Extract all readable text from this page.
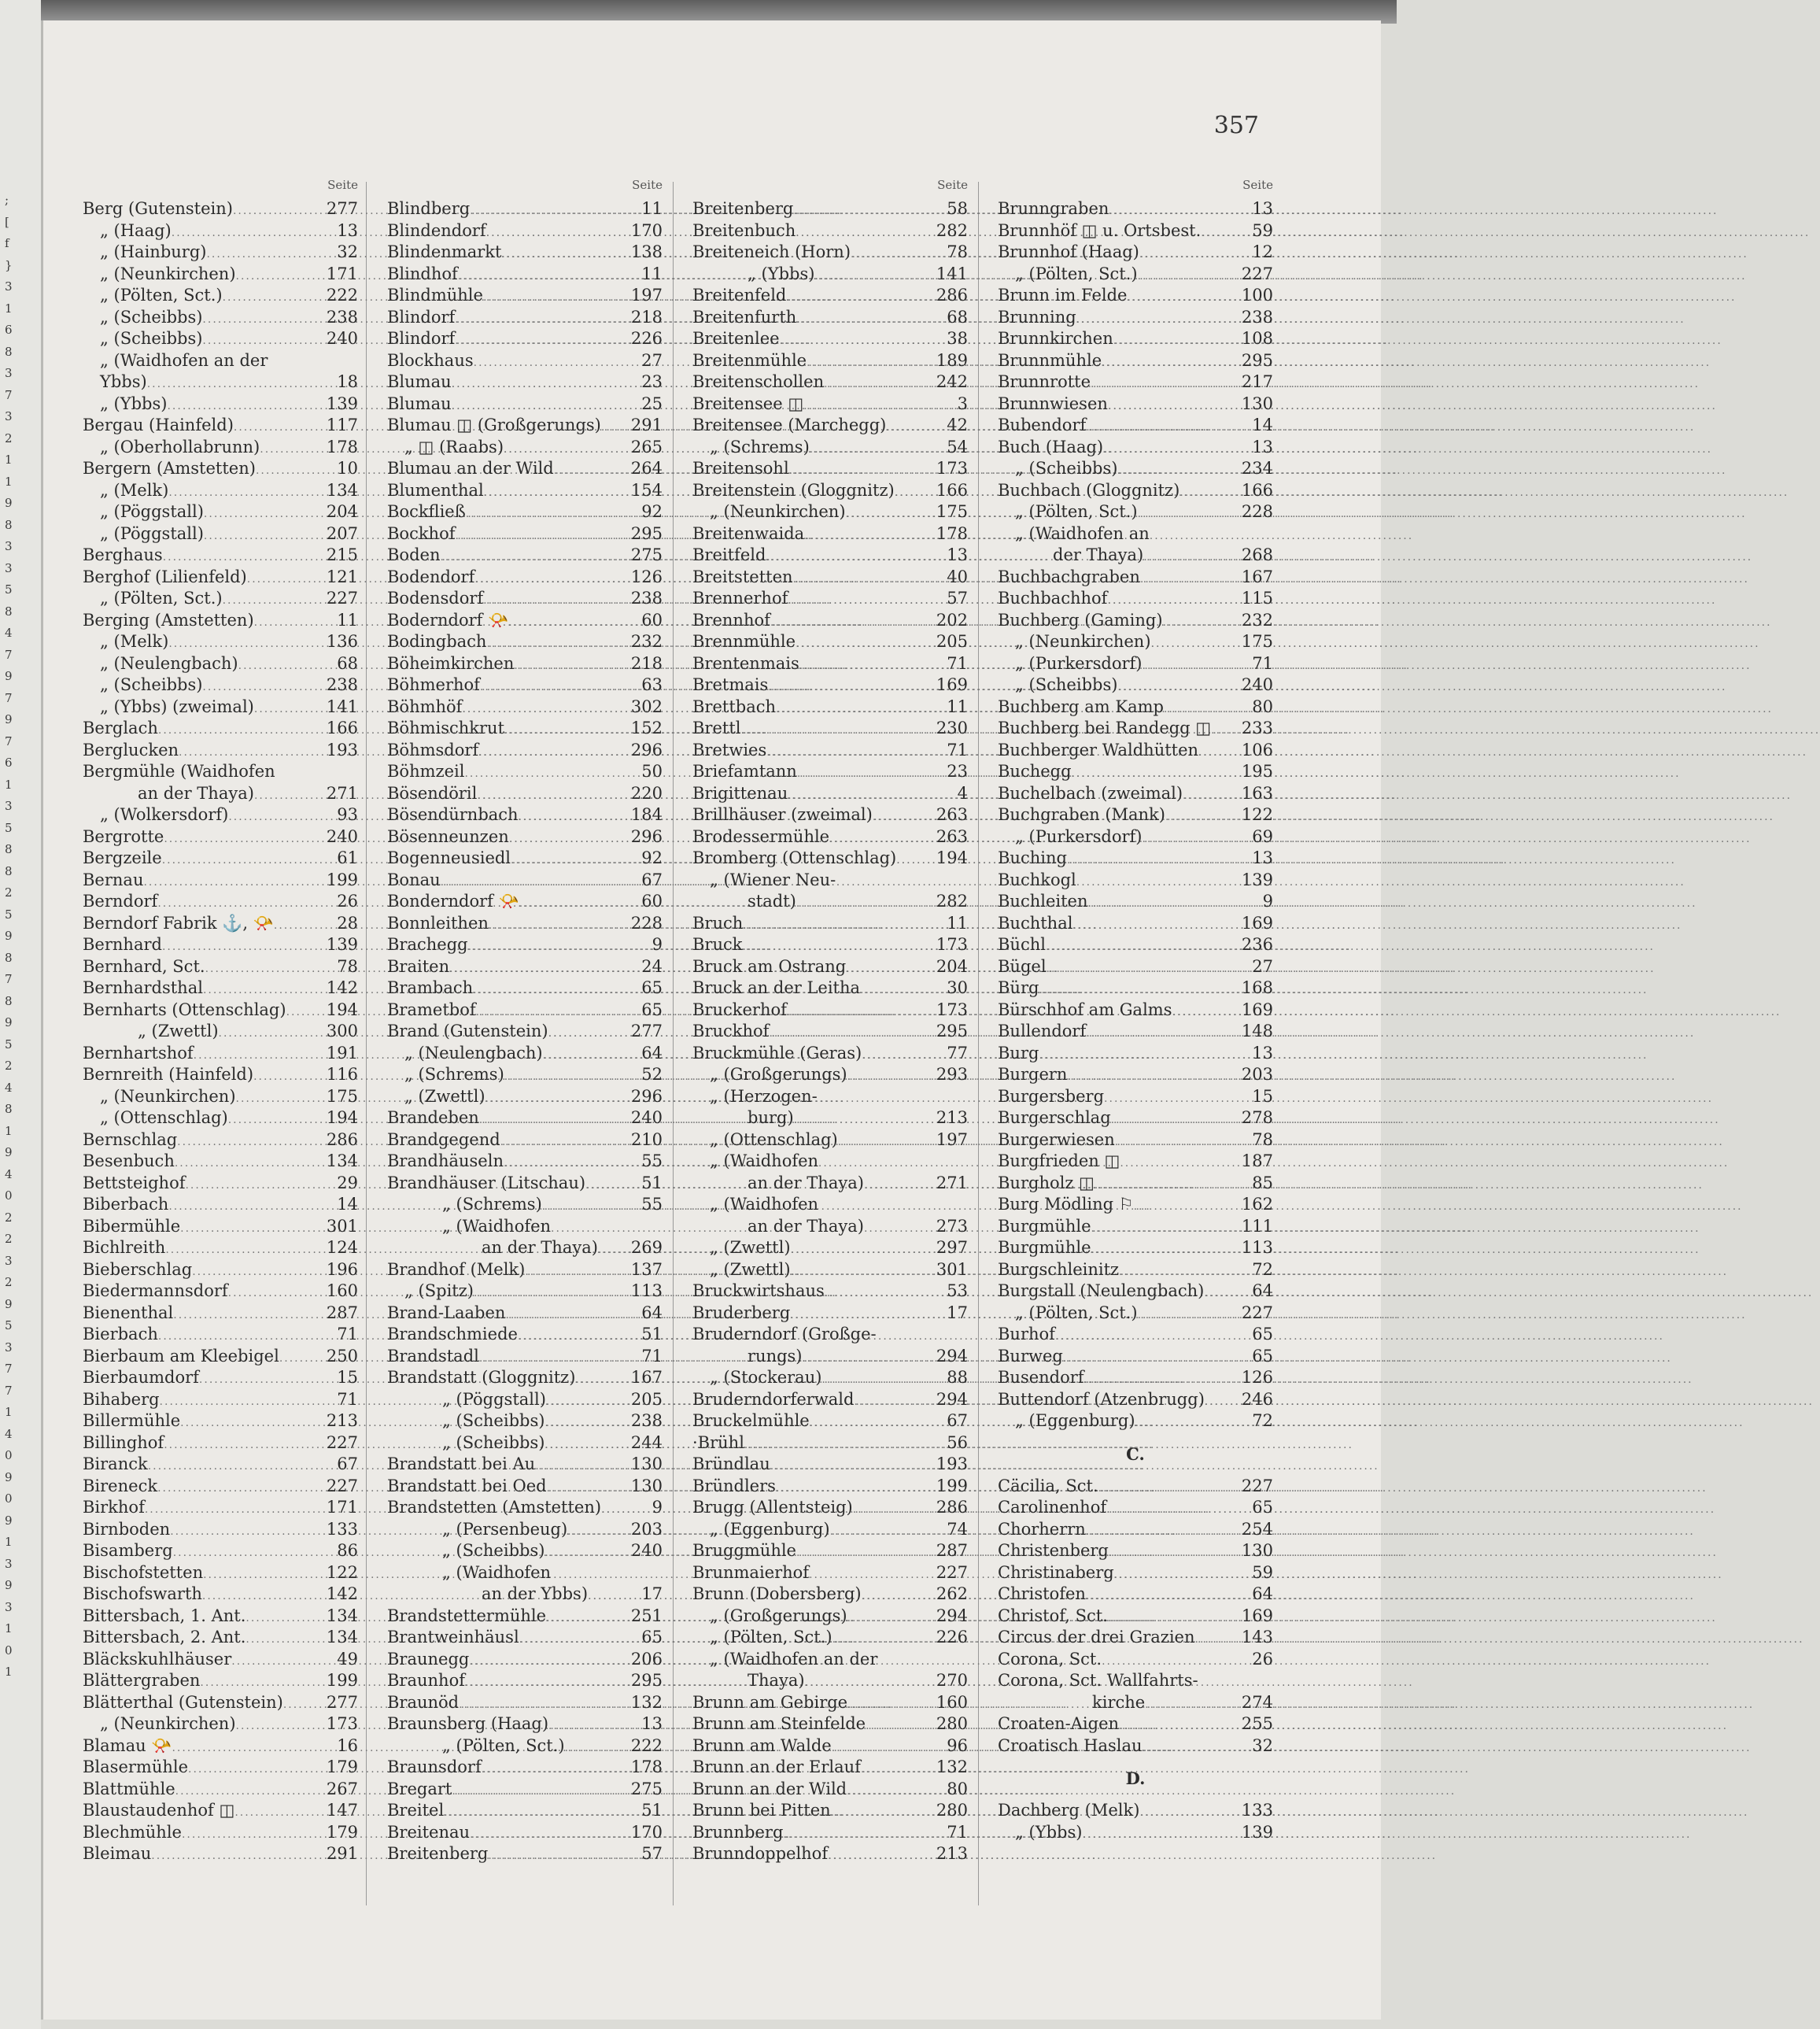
;
[
f
}
3
1
6
8
3
7
3
2
1
1
9
8
3
3
5
8
4
7
9
7
9
7
6
1
3
5
8
8
2
5
9
8
7
8
9
5
2
4
8
1
9
4
0
2
2
3
2
9
5
3
7
7
1
4
0
9
0
9
1
3
9
3
1
0
1
357
Seite
Berg (Gutenstein) .....	277
„ (Haag) .....	13
„ (Hainburg) .....	32
„ (Neunkirchen) .....	171
„ (Pölten, Sct.) .....	222
„ (Scheibbs) .....	238
„ (Scheibbs) .....	240
„ (Waidhofen an der
Ybbs) .....	18
„ (Ybbs) .....	139
Bergau (Hainfeld) .....	117
„ (Oberhollabrunn) .....	178
Bergern (Amstetten) .....	10
„ (Melk) .....	134
„ (Pöggstall) .....	204
„ (Pöggstall) .....	207
Berghaus .....	215
Berghof (Lilienfeld) .....	121
„ (Pölten, Sct.) .....	227
Berging (Amstetten) .....	11
„ (Melk) .....	136
„ (Neulengbach) .....	68
„ (Scheibbs) .....	238
„ (Ybbs) (zweimal) .....	141
Berglach .....	166
Berglucken .....	193
Bergmühle (Waidhofen
an der Thaya) .....	271
„ (Wolkersdorf) .....	93
Bergrotte .....	240
Bergzeile .....	61
Bernau .....	199
Berndorf .....	26
Berndorf Fabrik ⚓, 📯 .....	28
Bernhard .....	139
Bernhard, Sct. .....	78
Bernhardsthal .....	142
Bernharts (Ottenschlag) .....	194
„ (Zwettl) .....	300
Bernhartshof .....	191
Bernreith (Hainfeld) .....	116
„ (Neunkirchen) .....	175
„ (Ottenschlag) .....	194
Bernschlag .....	286
Besenbuch .....	134
Bettsteighof .....	29
Biberbach .....	14
Bibermühle .....	301
Bichlreith .....	124
Bieberschlag .....	196
Biedermannsdorf .....	160
Bienenthal .....	287
Bierbach .....	71
Bierbaum am Kleebigel .....	250
Bierbaumdorf .....	15
Bihaberg .....	71
Billermühle .....	213
Billinghof .....	227
Biranck .....	67
Bireneck .....	227
Birkhof .....	171
Birnboden .....	133
Bisamberg .....	86
Bischofstetten .....	122
Bischofswarth .....	142
Bittersbach, 1. Ant. .....	134
Bittersbach, 2. Ant. .....	134
Bläckskuhlhäuser .....	49
Blättergraben .....	199
Blätterthal (Gutenstein) .....	277
„ (Neunkirchen) .....	173
Blamau 📯 .....	16
Blasermühle .....	179
Blattmühle .....	267
Blaustaudenhof ◫ .....	147
Blechmühle .....	179
Bleimau .....	291
Seite
Blindberg .....	11
Blindendorf .....	170
Blindenmarkt .....	138
Blindhof .....	11
Blindmühle .....	197
Blindorf .....	218
Blindorf .....	226
Blockhaus .....	27
Blumau .....	23
Blumau .....	25
Blumau ◫ (Großgerungs) .....	291
„ ◫ (Raabs) .....	265
Blumau an der Wild .....	264
Blumenthal .....	154
Bockfließ .....	92
Bockhof .....	295
Boden .....	275
Bodendorf .....	126
Bodensdorf .....	238
Boderndorf 📯 .....	60
Bodingbach .....	232
Böheimkirchen .....	218
Böhmerhof .....	63
Böhmhöf .....	302
Böhmischkrut .....	152
Böhmsdorf .....	296
Böhmzeil .....	50
Bösendöril .....	220
Bösendürnbach .....	184
Bösenneunzen .....	296
Bogenneusiedl .....	92
Bonau .....	67
Bonderndorf 📯 .....	60
Bonnleithen .....	228
Brachegg .....	9
Braiten .....	24
Brambach .....	65
Brametbof .....	65
Brand (Gutenstein) .....	277
„ (Neulengbach) .....	64
„ (Schrems) .....	52
„ (Zwettl) .....	296
Brandeben .....	240
Brandgegend .....	210
Brandhäuseln .....	55
Brandhäuser (Litschau) .....	51
„ (Schrems) .....	55
„ (Waidhofen
an der Thaya) .....	269
Brandhof (Melk) .....	137
„ (Spitz) .....	113
Brand-Laaben .....	64
Brandschmiede .....	51
Brandstadl .....	71
Brandstatt (Gloggnitz) .....	167
„ (Pöggstall) .....	205
„ (Scheibbs) .....	238
„ (Scheibbs) .....	244
Brandstatt bei Au .....	130
Brandstatt bei Oed .....	130
Brandstetten (Amstetten) .....	9
„ (Persenbeug) .....	203
„ (Scheibbs) .....	240
„ (Waidhofen
an der Ybbs) .....	17
Brandstettermühle .....	251
Brantweinhäusl .....	65
Braunegg .....	206
Braunhof .....	295
Braunöd .....	132
Braunsberg (Haag) .....	13
„ (Pölten, Sct.) .....	222
Braunsdorf .....	178
Bregart .....	275
Breitel .....	51
Breitenau .....	170
Breitenberg .....	57
Seite
Breitenberg .....	58
Breitenbuch .....	282
Breiteneich (Horn) .....	78
„ (Ybbs) .....	141
Breitenfeld .....	286
Breitenfurth .....	68
Breitenlee .....	38
Breitenmühle .....	189
Breitenschollen .....	242
Breitensee ◫ .....	3
Breitensee (Marchegg) .....	42
„ (Schrems) .....	54
Breitensohl .....	173
Breitenstein (Gloggnitz) .....	166
„ (Neunkirchen) .....	175
Breitenwaida .....	178
Breitfeld .....	13
Breitstetten .....	40
Brennerhof .....	57
Brennhof .....	202
Brennmühle .....	205
Brentenmais .....	71
Bretmais .....	169
Brettbach .....	11
Brettl .....	230
Bretwies .....	71
Briefamtann .....	23
Brigittenau .....	4
Brillhäuser (zweimal) .....	263
Brodessermühle .....	263
Bromberg (Ottenschlag) .....	194
„ (Wiener Neu-
stadt) .....	282
Bruch .....	11
Bruck .....	173
Bruck am Ostrang .....	204
Bruck an der Leitha .....	30
Bruckerhof .....	173
Bruckhof .....	295
Bruckmühle (Geras) .....	77
„ (Großgerungs) .....	293
„ (Herzogen-
burg) .....	213
„ (Ottenschlag) .....	197
„ (Waidhofen
an der Thaya) .....	271
„ (Waidhofen
an der Thaya) .....	273
„ (Zwettl) .....	297
„ (Zwettl) .....	301
Bruckwirtshaus .....	53
Bruderberg .....	17
Bruderndorf (Großge-
rungs) .....	294
„ (Stockerau) .....	88
Bruderndorferwald .....	294
Bruckelmühle .....	67
·Brühl .....	56
Bründlau .....	193
Bründlers .....	199
Brugg (Allentsteig) .....	286
„ (Eggenburg) .....	74
Bruggmühle .....	287
Brunmaierhof .....	227
Brunn (Dobersberg) .....	262
„ (Großgerungs) .....	294
„ (Pölten, Sct.) .....	226
„ (Waidhofen an der
Thaya) .....	270
Brunn am Gebirge .....	160
Brunn am Steinfelde .....	280
Brunn am Walde .....	96
Brunn an der Erlauf .....	132
Brunn an der Wild .....	80
Brunn bei Pitten .....	280
Brunnberg .....	71
Brunndoppelhof .....	213
Seite
Brunngraben .....	13
Brunnhöf ◫ u. Ortsbest. .....	59
Brunnhof (Haag) .....	12
„ (Pölten, Sct.) .....	227
Brunn im Felde .....	100
Brunning .....	238
Brunnkirchen .....	108
Brunnmühle .....	295
Brunnrotte .....	217
Brunnwiesen .....	130
Bubendorf .....	14
Buch (Haag) .....	13
„ (Scheibbs) .....	234
Buchbach (Gloggnitz) .....	166
„ (Pölten, Sct.) .....	228
„ (Waidhofen an
der Thaya) .....	268
Buchbachgraben .....	167
Buchbachhof .....	115
Buchberg (Gaming) .....	232
„ (Neunkirchen) .....	175
„ (Purkersdorf) .....	71
„ (Scheibbs) .....	240
Buchberg am Kamp .....	80
Buchberg bei Randegg ◫ .....	233
Buchberger Waldhütten .....	106
Buchegg .....	195
Buchelbach (zweimal) .....	163
Buchgraben (Mank) .....	122
„ (Purkersdorf) .....	69
Buching .....	13
Buchkogl .....	139
Buchleiten .....	9
Buchthal .....	169
Büchl .....	236
Bügel .....	27
Bürg .....	168
Bürschhof am Galms .....	169
Bullendorf .....	148
Burg .....	13
Burgern .....	203
Burgersberg .....	15
Burgerschlag .....	278
Burgerwiesen .....	78
Burgfrieden ◫ .....	187
Burgholz ◫ .....	85
Burg Mödling ⚐ .....	162
Burgmühle .....	111
Burgmühle .....	113
Burgschleinitz .....	72
Burgstall (Neulengbach) .....	64
„ (Pölten, Sct.) .....	227
Burhof .....	65
Burweg .....	65
Busendorf .....	126
Buttendorf (Atzenbrugg) .....	246
„ (Eggenburg) .....	72
C.
Cäcilia, Sct. .....	227
Carolinenhof .....	65
Chorherrn .....	254
Christenberg .....	130
Christinaberg .....	59
Christofen .....	64
Christof, Sct. .....	169
Circus der drei Grazien .....	143
Corona, Sct. .....	26
Corona, Sct. Wallfahrts-
kirche .....	274
Croaten-Aigen .....	255
Croatisch Haslau .....	32
D.
Dachberg (Melk) .....	133
„ (Ybbs) .....	139
